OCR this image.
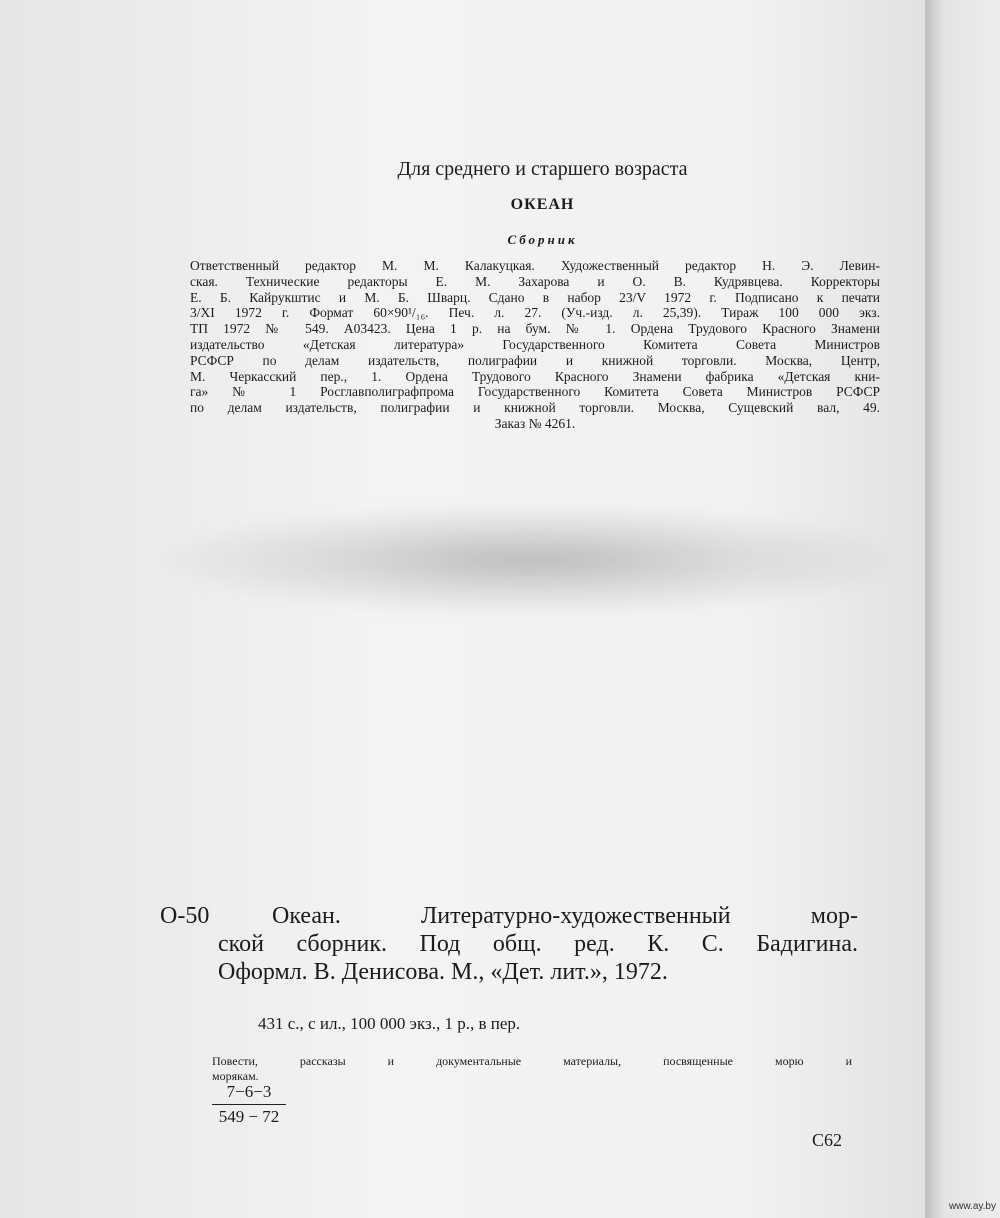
Для среднего и старшего возраста
ОКЕАН
Сборник
Ответственный редактор М. М. Калакуцкая. Художественный редактор Н. Э. Левин-
ская. Технические редакторы Е. М. Захарова и О. В. Кудрявцева. Корректоры
Е. Б. Кайрукштис и М. Б. Шварц. Сдано в набор 23/V 1972 г. Подписано к печати
3/XI 1972 г. Формат 60×90¹/₁₆. Печ. л. 27. (Уч.-изд. л. 25,39). Тираж 100 000 экз.
ТП 1972 № 549. А03423. Цена 1 р. на бум. № 1. Ордена Трудового Красного Знамени
издательство «Детская литература» Государственного Комитета Совета Министров
РСФСР по делам издательств, полиграфии и книжной торговли. Москва, Центр,
М. Черкасский пер., 1. Ордена Трудового Красного Знамени фабрика «Детская кни-
га» № 1 Росглавполиграфпрома Государственного Комитета Совета Министров РСФСР
по делам издательств, полиграфии и книжной торговли. Москва, Сущевский вал, 49.
Заказ № 4261.
О-50	Океан. Литературно-художественный мор-
ской сборник. Под общ. ред. К. С. Бадигина.
Оформл. В. Денисова. М., «Дет. лит.», 1972.
431 с., с ил., 100 000 экз., 1 р., в пер.
Повести, рассказы и документальные материалы, посвященные морю и
морякам.
$\frac{7-6-3}{549 - 72}$
С62
www.ay.by
